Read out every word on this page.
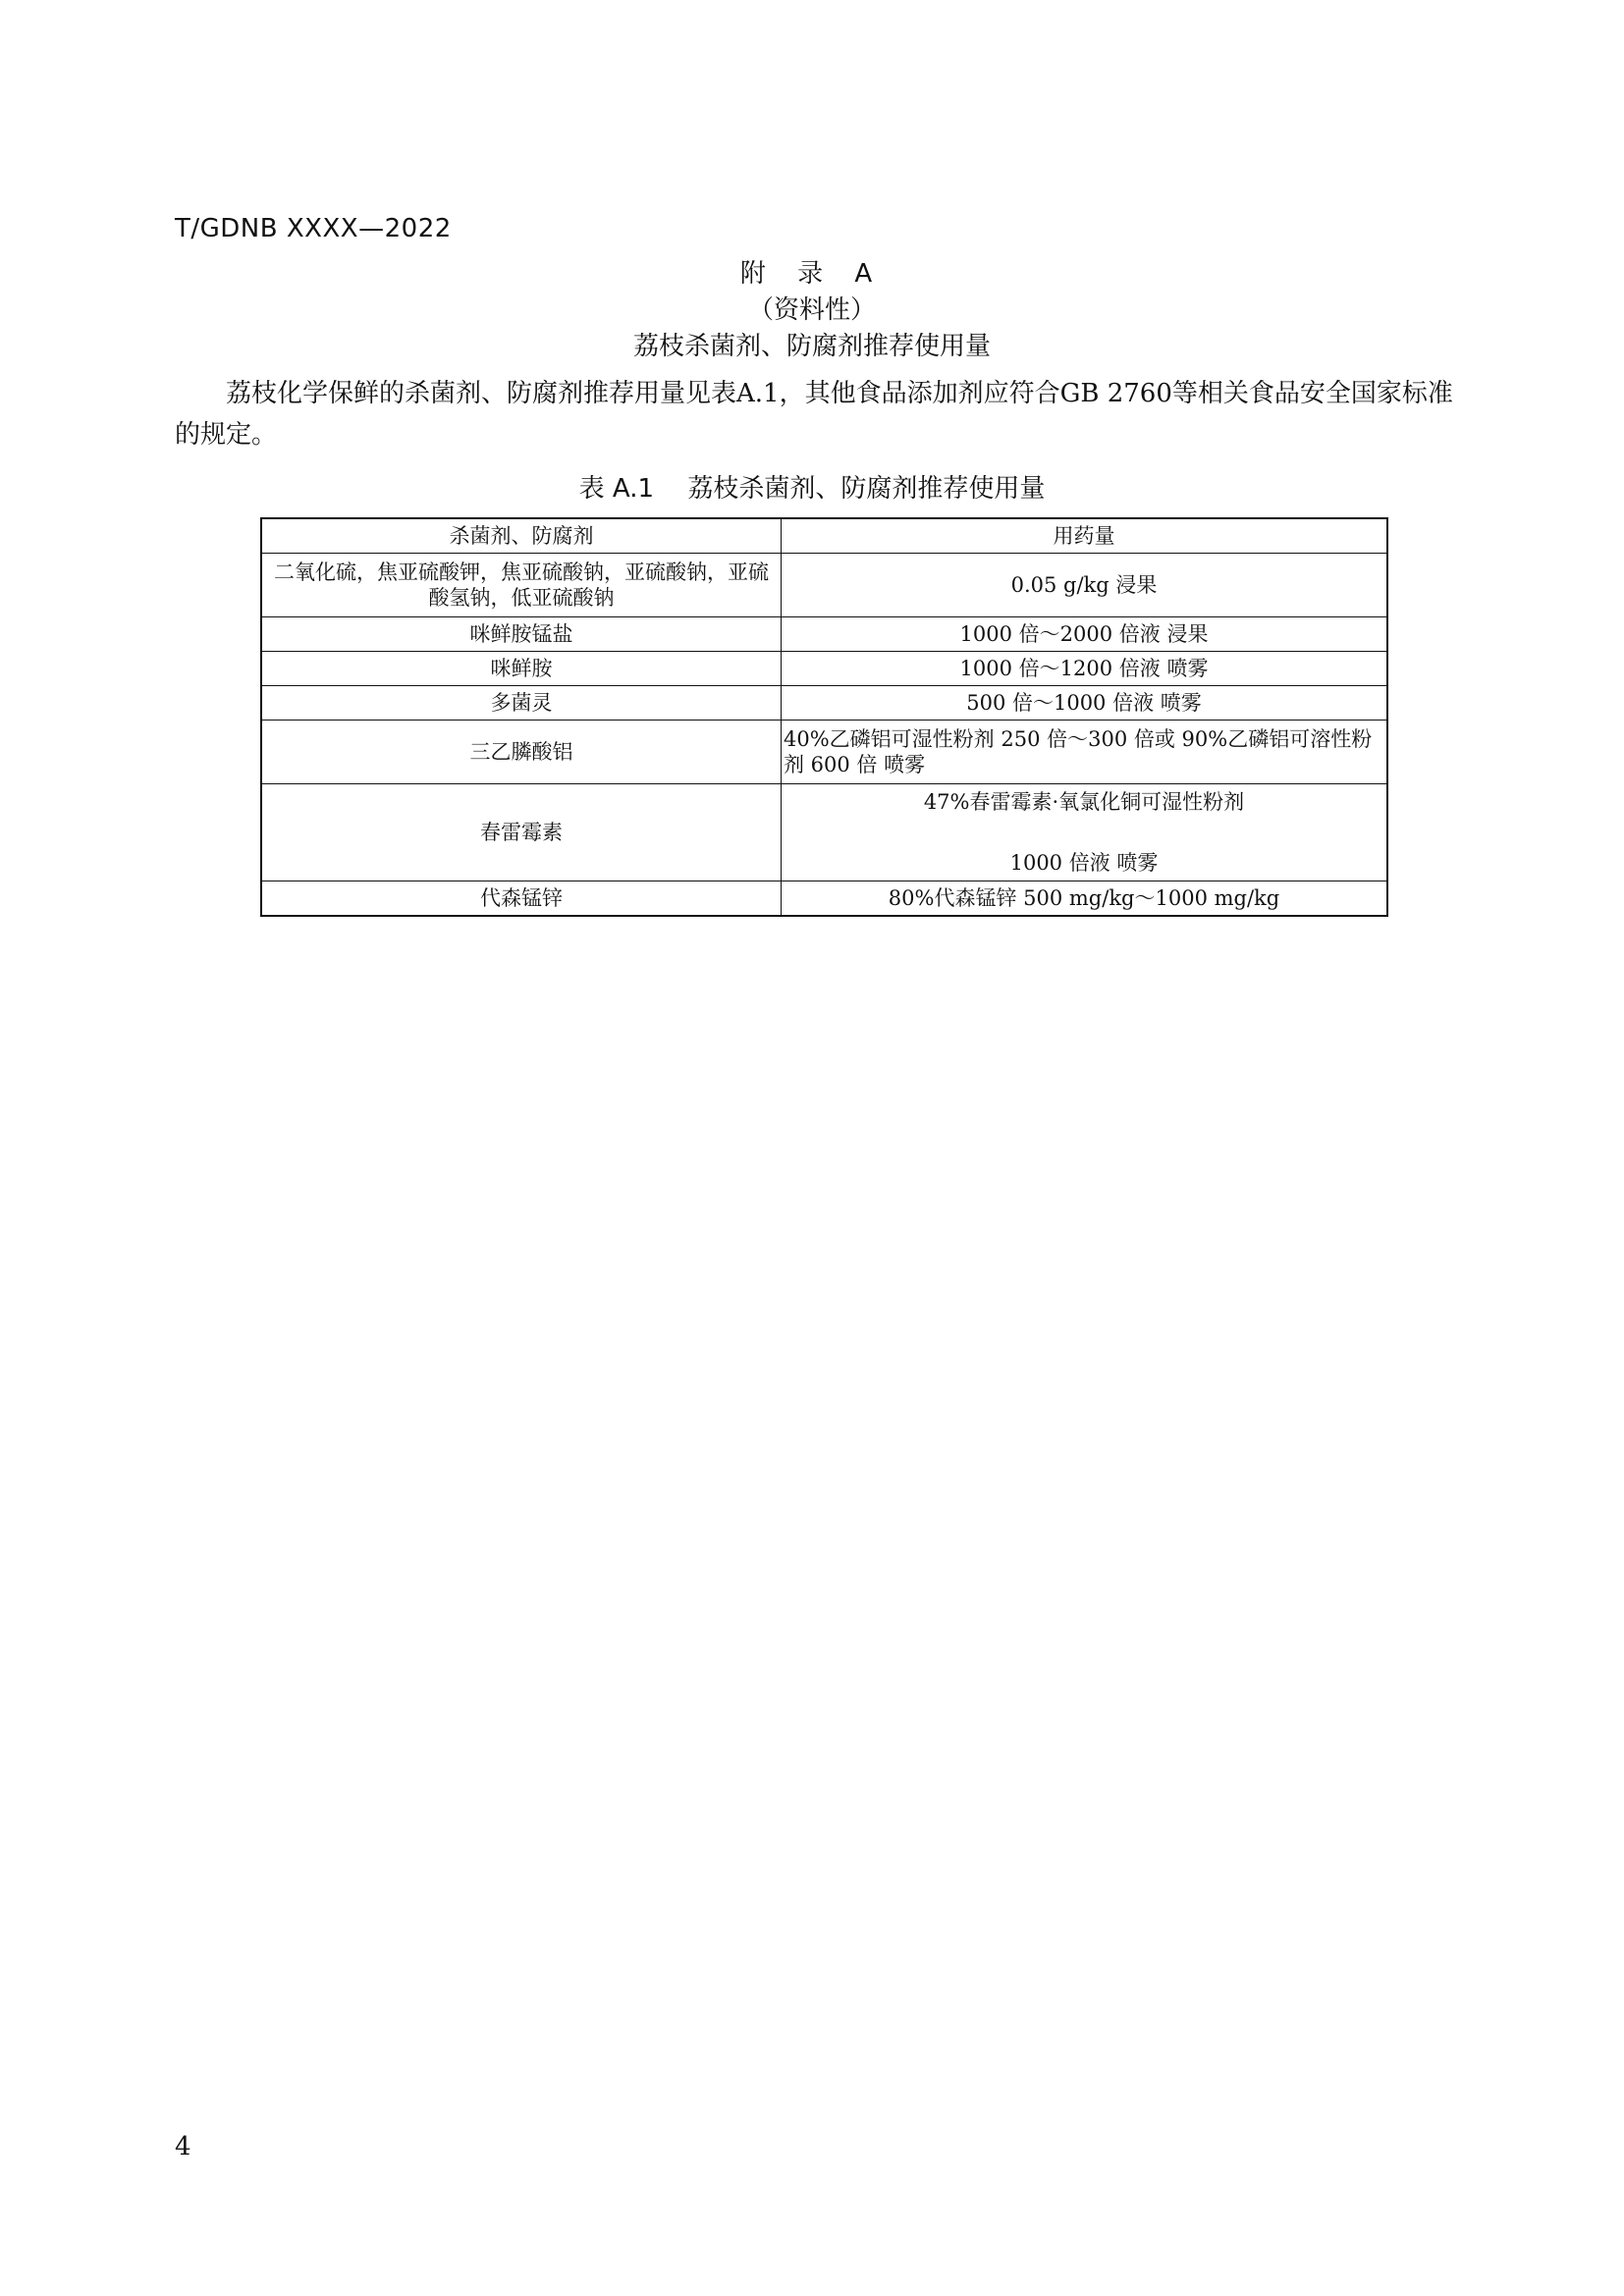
T/GDNB XXXX—2022
附 录 A
（资料性）
荔枝杀菌剂、防腐剂推荐使用量
荔枝化学保鲜的杀菌剂、防腐剂推荐用量见表A.1，其他食品添加剂应符合GB 2760等相关食品安全国家标准的规定。
表 A.1　 荔枝杀菌剂、防腐剂推荐使用量
杀菌剂、防腐剂	用药量
二氧化硫，焦亚硫酸钾，焦亚硫酸钠，亚硫酸钠，亚硫酸氢钠，低亚硫酸钠	0.05 g/kg 浸果
咪鲜胺锰盐	1000 倍～2000 倍液 浸果
咪鲜胺	1000 倍～1200 倍液 喷雾
多菌灵	500 倍～1000 倍液 喷雾
三乙膦酸铝	40%乙磷铝可湿性粉剂 250 倍～300 倍或 90%乙磷铝可溶性粉剂 600 倍 喷雾
春雷霉素	47%春雷霉素·氧氯化铜可湿性粉剂
1000 倍液 喷雾

代森锰锌	80%代森锰锌 500 mg/kg～1000 mg/kg
4
